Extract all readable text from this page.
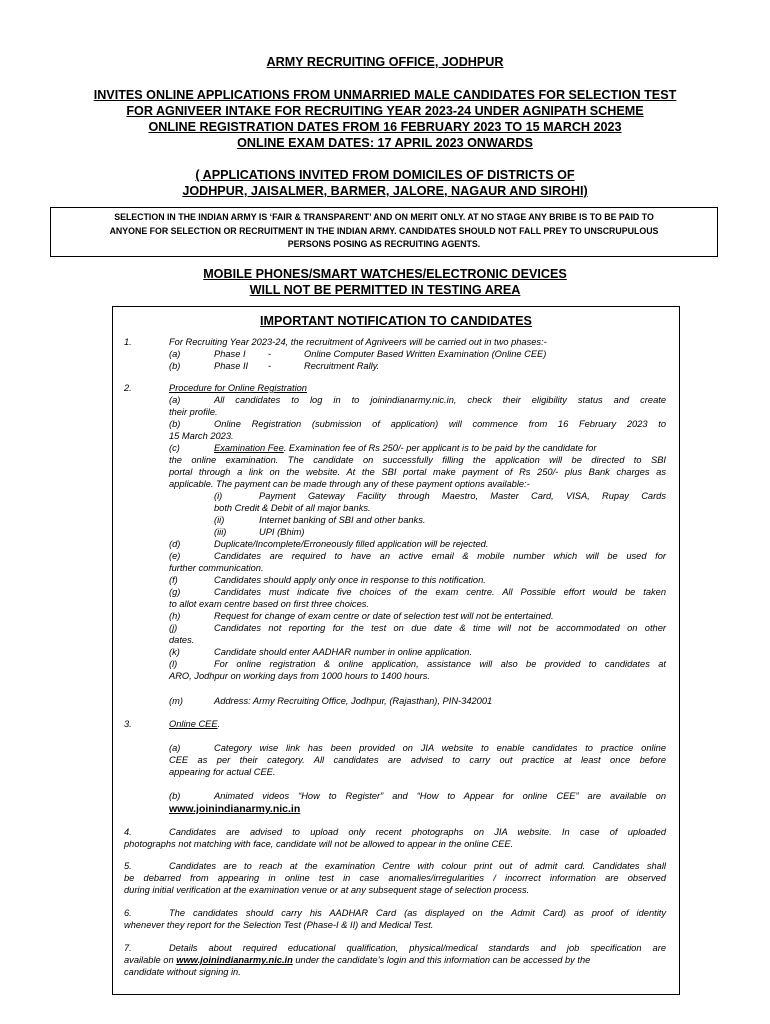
ARMY RECRUITING OFFICE, JODHPUR
INVITES ONLINE APPLICATIONS FROM UNMARRIED MALE CANDIDATES FOR SELECTION TEST
FOR AGNIVEER INTAKE FOR RECRUITING YEAR 2023-24 UNDER AGNIPATH SCHEME
ONLINE REGISTRATION DATES FROM 16 FEBRUARY 2023 TO 15 MARCH 2023
ONLINE EXAM DATES: 17 APRIL 2023 ONWARDS
( APPLICATIONS INVITED FROM DOMICILES OF DISTRICTS OF
JODHPUR, JAISALMER, BARMER, JALORE, NAGAUR AND SIROHI)
SELECTION IN THE INDIAN ARMY IS ‘FAIR & TRANSPARENT’ AND ON MERIT ONLY. AT NO STAGE ANY BRIBE IS TO BE PAID TO
ANYONE FOR SELECTION OR RECRUITMENT IN THE INDIAN ARMY. CANDIDATES SHOULD NOT FALL PREY TO UNSCRUPULOUS
PERSONS POSING AS RECRUITING AGENTS.
MOBILE PHONES/SMART WATCHES/ELECTRONIC DEVICES
WILL NOT BE PERMITTED IN TESTING AREA
IMPORTANT NOTIFICATION TO CANDIDATES
1.	For Recruiting Year 2023-24, the recruitment of Agniveers will be carried out in two phases:-
(a)	Phase I -	Online Computer Based Written Examination (Online CEE)
(b)	Phase II -	Recruitment Rally.
2.	Procedure for Online Registration
(a)	All candidates to log in to joinindianarmy.nic.in, check their eligibility status and create
their profile.
(b)	Online Registration (submission of application) will commence from 16 February 2023 to
15 March 2023.
(c)	Examination Fee. Examination fee of Rs 250/- per applicant is to be paid by the candidate for
the online examination. The candidate on successfully filling the application will be directed to SBI
portal through a link on the website. At the SBI portal make payment of Rs 250/- plus Bank charges as
applicable. The payment can be made through any of these payment options available:-
(i)	Payment Gateway Facility through Maestro, Master Card, VISA, Rupay Cards
both Credit & Debit of all major banks.
(ii)	Internet banking of SBI and other banks.
(iii)	UPI (Bhim)
(d)	Duplicate/Incomplete/Erroneously filled application will be rejected.
(e)	Candidates are required to have an active email & mobile number which will be used for
further communication.
(f)	Candidates should apply only once in response to this notification.
(g)	Candidates must indicate five choices of the exam centre. All Possible effort would be taken
to allot exam centre based on first three choices.
(h)	Request for change of exam centre or date of selection test will not be entertained.
(j)	Candidates not reporting for the test on due date & time will not be accommodated on other
dates.
(k)	Candidate should enter AADHAR number in online application.
(l)	For online registration & online application, assistance will also be provided to candidates at
ARO, Jodhpur on working days from 1000 hours to 1400 hours.
(m)	Address: Army Recruiting Office, Jodhpur, (Rajasthan), PIN-342001
3.	Online CEE.
(a)	Category wise link has been provided on JIA website to enable candidates to practice online
CEE as per their category. All candidates are advised to carry out practice at least once before
appearing for actual CEE.
(b)	Animated videos “How to Register” and “How to Appear for online CEE” are available on
www.joinindianarmy.nic.in
4.	Candidates are advised to upload only recent photographs on JIA website. In case of uploaded
photographs not matching with face, candidate will not be allowed to appear in the online CEE.
5.	Candidates are to reach at the examination Centre with colour print out of admit card. Candidates shall
be debarred from appearing in online test in case anomalies/irregularities / incorrect information are observed
during initial verification at the examination venue or at any subsequent stage of selection process.
6.	The candidates should carry his AADHAR Card (as displayed on the Admit Card) as proof of identity
whenever they report for the Selection Test (Phase-I & II) and Medical Test.
7.	Details about required educational qualification, physical/medical standards and job specification are
available on www.joinindianarmy.nic.in under the candidate’s login and this information can be accessed by the
candidate without signing in.
